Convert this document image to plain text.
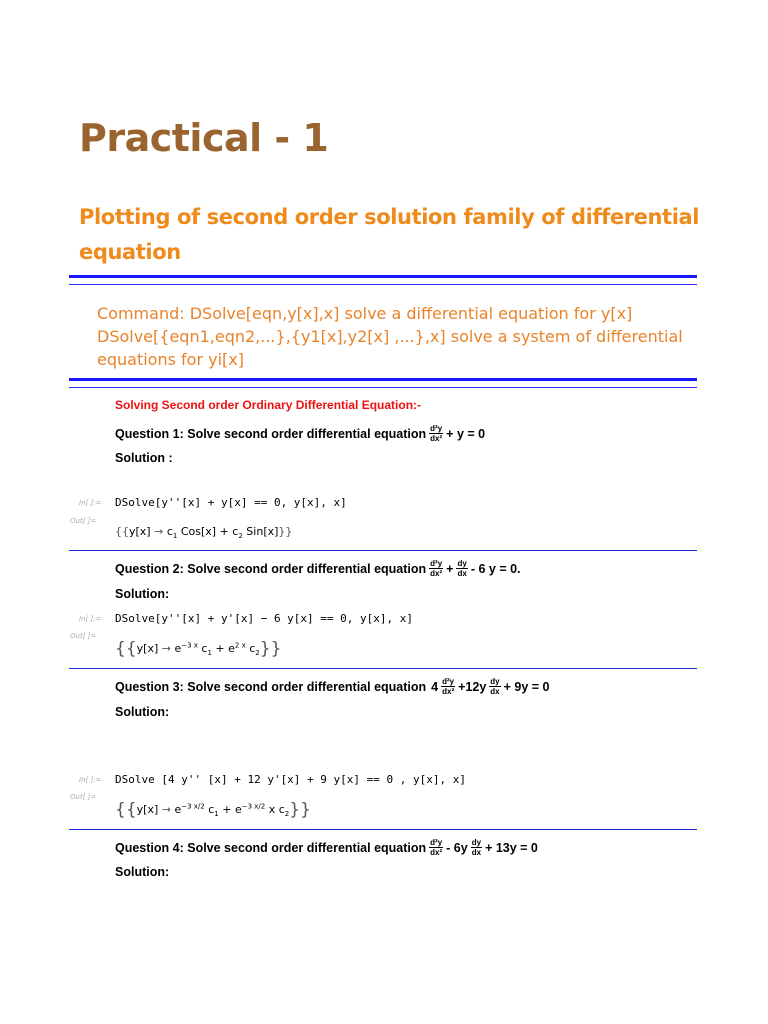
Practical - 1
Plotting of second order solution family of differential equation
Command: DSolve[eqn,y[x],x] solve a differential equation for y[x]
DSolve[{eqn1,eqn2,...},{y1[x],y2[x] ,...},x] solve a system of differential
equations for yi[x]
Solving Second order Ordinary Differential Equation:-
Question 1: Solve second order differential equation $\frac{\text{d²y}}{\text{dx²}} + y = 0$
Solution :
In[ ]:= DSolve[y''[x] + y[x] == 0, y[x], x]
Out[ ]=
{{$y[x] \to c_1$ $Cos[x] + c_2$ Sin[x]}}
Question 2: Solve second order differential equation $\frac{\text{d²y}}{\text{dx²}} + \frac{dy}{dx} - 6$ y = 0.
Solution:
In[ ]:= DSolve[y''[x] + y'[x] − 6 y[x] == 0, y[x], x]
Out[ ]=
{{$y[x] \to e^{-3 x}$ $c_1 + e^{2 x}$ $c_2$}}
Question 3: Solve second order differential equation $4 \frac{\text{d²y}}{\text{dx²}} +12y \frac{dy}{dx} + 9y = 0$
Solution:
In[ ]:= DSolve [4 y'' [x] + 12 y'[x] + 9 y[x] == 0 , y[x], x]
Out[ ]=
{{$y[x] \to e^{-3 x/2}$ $c_1 + e^{-3 x/2}$ x $c_2$}}
Question 4: Solve second order differential equation $\frac{\text{d²y}}{\text{dx²}} - 6y \frac{dy}{dx} + 13y = 0$
Solution:
